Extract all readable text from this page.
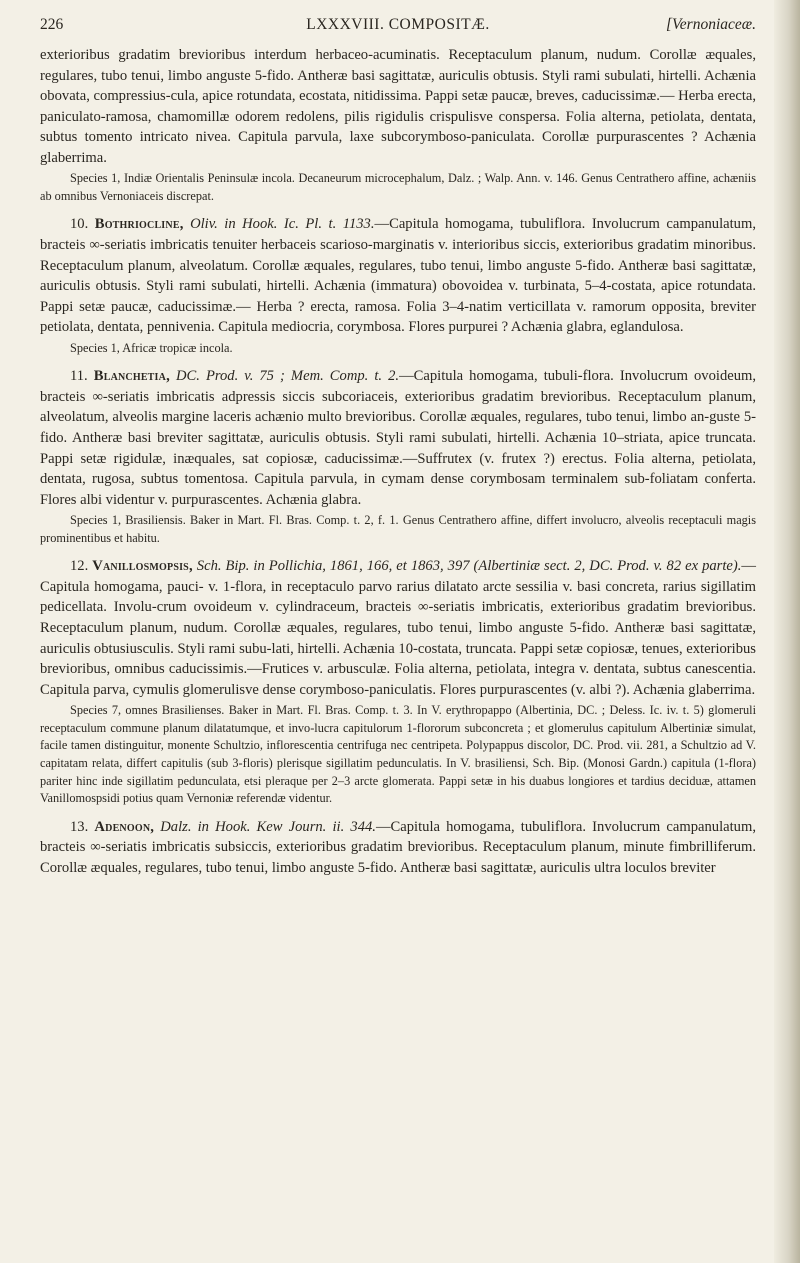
226	LXXXVIII. COMPOSITÆ.	[Vernoniaceæ.

exterioribus gradatim brevioribus interdum herbaceo-acuminatis. Receptaculum planum, nudum. Corollæ æquales, regulares, tubo tenui, limbo anguste 5-fido. Antheræ basi sagittatæ, auriculis obtusis. Styli rami subulati, hirtelli. Achænia obovata, compressius-cula, apice rotundata, ecostata, nitidissima. Pappi setæ paucæ, breves, caducissimæ.— Herba erecta, paniculato-ramosa, chamomillæ odorem redolens, pilis rigidulis crispulisve conspersa. Folia alterna, petiolata, dentata, subtus tomento intricato nivea. Capitula parvula, laxe subcorymboso-paniculata. Corollæ purpurascentes ? Achænia glaberrima.

Species 1, Indiæ Orientalis Peninsulæ incola. Decaneurum microcephalum, Dalz. ; Walp. Ann. v. 146. Genus Centrathero affine, achæniis ab omnibus Vernoniaceis discrepat.

10. Bothriocline, Oliv. in Hook. Ic. Pl. t. 1133.—Capitula homogama, tubuliflora. Involucrum campanulatum, bracteis ∞-seriatis imbricatis tenuiter herbaceis scarioso-marginatis v. interioribus siccis, exterioribus gradatim minoribus. Receptaculum planum, alveolatum. Corollæ æquales, regulares, tubo tenui, limbo anguste 5-fido. Antheræ basi sagittatæ, auriculis obtusis. Styli rami subulati, hirtelli. Achænia (immatura) obovoidea v. turbinata, 5–4-costata, apice rotundata. Pappi setæ paucæ, caducissimæ.— Herba ? erecta, ramosa. Folia 3–4-natim verticillata v. ramorum opposita, breviter petiolata, dentata, pennivenia. Capitula mediocria, corymbosa. Flores purpurei ? Achænia glabra, eglandulosa.

Species 1, Africæ tropicæ incola.

11. Blanchetia, DC. Prod. v. 75 ; Mem. Comp. t. 2.—Capitula homogama, tubuli-flora. Involucrum ovoideum, bracteis ∞-seriatis imbricatis adpressis siccis subcoriaceis, exterioribus gradatim brevioribus. Receptaculum planum, alveolatum, alveolis margine laceris achænio multo brevioribus. Corollæ æquales, regulares, tubo tenui, limbo an-guste 5-fido. Antheræ basi breviter sagittatæ, auriculis obtusis. Styli rami subulati, hirtelli. Achænia 10–striata, apice truncata. Pappi setæ rigidulæ, inæquales, sat copiosæ, caducissimæ.—Suffrutex (v. frutex ?) erectus. Folia alterna, petiolata, dentata, rugosa, subtus tomentosa. Capitula parvula, in cymam dense corymbosam terminalem sub-foliatam conferta. Flores albi videntur v. purpurascentes. Achænia glabra.

Species 1, Brasiliensis. Baker in Mart. Fl. Bras. Comp. t. 2, f. 1. Genus Centrathero affine, differt involucro, alveolis receptaculi magis prominentibus et habitu.

12. Vanillosmopsis, Sch. Bip. in Pollichia, 1861, 166, et 1863, 397 (Albertiniæ sect. 2, DC. Prod. v. 82 ex parte).—Capitula homogama, pauci- v. 1-flora, in receptaculo parvo rarius dilatato arcte sessilia v. basi concreta, rarius sigillatim pedicellata. Involu-crum ovoideum v. cylindraceum, bracteis ∞-seriatis imbricatis, exterioribus gradatim brevioribus. Receptaculum planum, nudum. Corollæ æquales, regulares, tubo tenui, limbo anguste 5-fido. Antheræ basi sagittatæ, auriculis obtusiusculis. Styli rami subu-lati, hirtelli. Achænia 10-costata, truncata. Pappi setæ copiosæ, tenues, exterioribus brevioribus, omnibus caducissimis.—Frutices v. arbusculæ. Folia alterna, petiolata, integra v. dentata, subtus canescentia. Capitula parva, cymulis glomerulisve dense corymboso-paniculatis. Flores purpurascentes (v. albi ?). Achænia glaberrima.

Species 7, omnes Brasilienses. Baker in Mart. Fl. Bras. Comp. t. 3. In V. erythropappo (Albertinia, DC. ; Deless. Ic. iv. t. 5) glomeruli receptaculum commune planum dilatatumque, et invo-lucra capitulorum 1-flororum subconcreta ; et glomerulus capitulum Albertiniæ simulat, facile tamen distinguitur, monente Schultzio, inflorescentia centrifuga nec centripeta. Polypappus discolor, DC. Prod. vii. 281, a Schultzio ad V. capitatam relata, differt capitulis (sub 3-floris) plerisque sigillatim pedunculatis. In V. brasiliensi, Sch. Bip. (Monosi Gardn.) capitula (1-flora) pariter hinc inde sigillatim pedunculata, etsi pleraque per 2–3 arcte glomerata. Pappi setæ in his duabus longiores et tardius deciduæ, attamen Vanillomospsidi potius quam Vernoniæ referendæ videntur.

13. Adenoon, Dalz. in Hook. Kew Journ. ii. 344.—Capitula homogama, tubuliflora. Involucrum campanulatum, bracteis ∞-seriatis imbricatis subsiccis, exterioribus gradatim brevioribus. Receptaculum planum, minute fimbrilliferum. Corollæ æquales, regulares, tubo tenui, limbo anguste 5-fido. Antheræ basi sagittatæ, auriculis ultra loculos breviter
